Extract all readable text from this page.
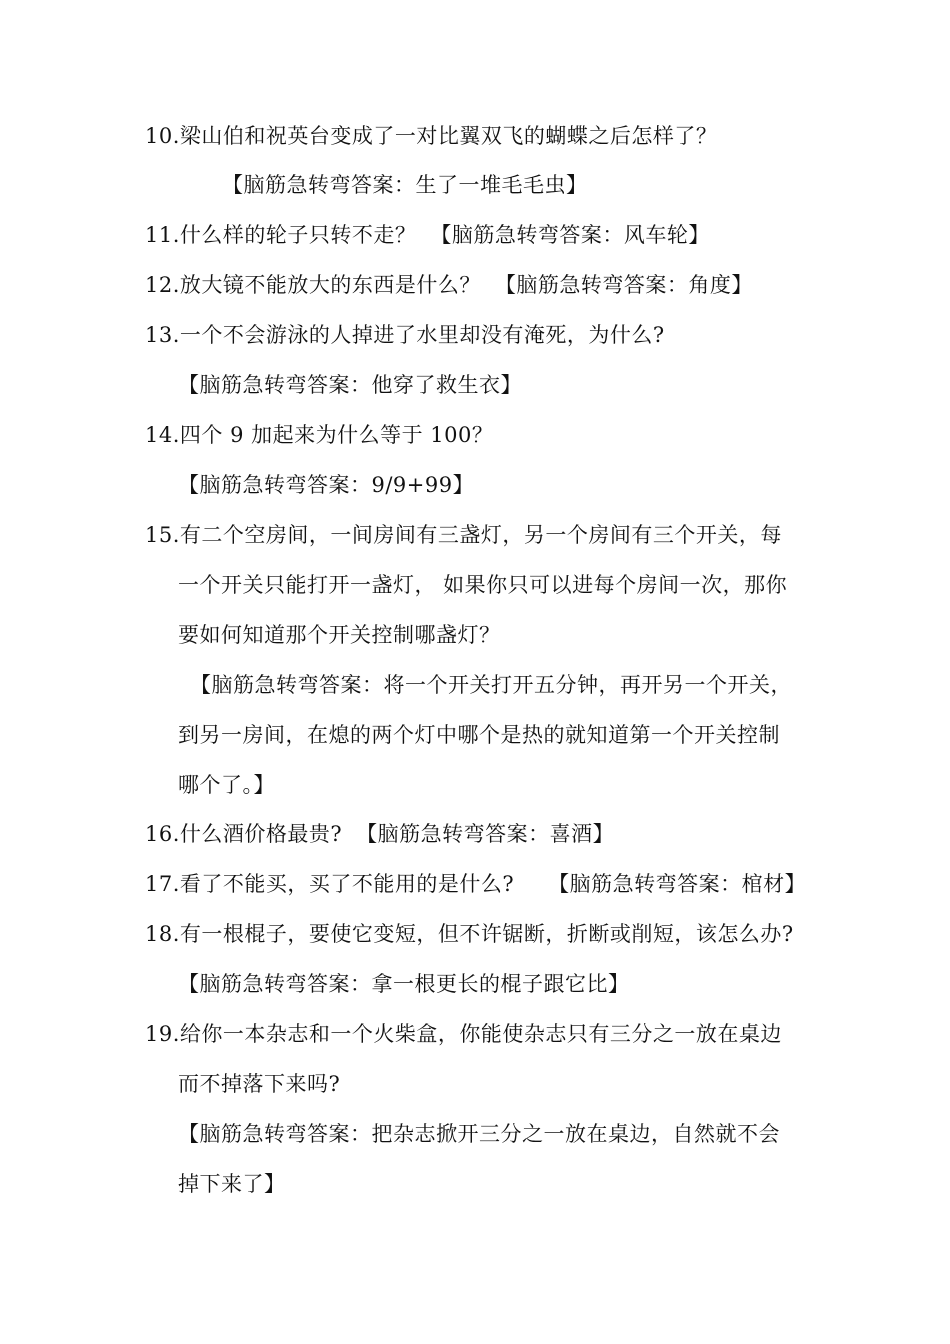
10.梁山伯和祝英台变成了一对比翼双飞的蝴蝶之后怎样了？
【脑筋急转弯答案：生了一堆毛毛虫】
11.什么样的轮子只转不走？ 【脑筋急转弯答案：风车轮】
12.放大镜不能放大的东西是什么？ 【脑筋急转弯答案：角度】
13.一个不会游泳的人掉进了水里却没有淹死，为什么?
【脑筋急转弯答案：他穿了救生衣】
14.四个 9 加起来为什么等于 100？
【脑筋急转弯答案：9/9+99】
15.有二个空房间，一间房间有三盏灯，另一个房间有三个开关，每
一个开关只能打开一盏灯， 如果你只可以进每个房间一次，那你
要如何知道那个开关控制哪盏灯？
【脑筋急转弯答案：将一个开关打开五分钟，再开另一个开关，
到另一房间，在熄的两个灯中哪个是热的就知道第一个开关控制
哪个了。】
16.什么酒价格最贵? 【脑筋急转弯答案：喜酒】
17.看了不能买，买了不能用的是什么? 【脑筋急转弯答案：棺材】
18.有一根棍子，要使它变短，但不许锯断，折断或削短，该怎么办?
【脑筋急转弯答案：拿一根更长的棍子跟它比】
19.给你一本杂志和一个火柴盒，你能使杂志只有三分之一放在桌边
而不掉落下来吗?
【脑筋急转弯答案：把杂志掀开三分之一放在桌边，自然就不会
掉下来了】
